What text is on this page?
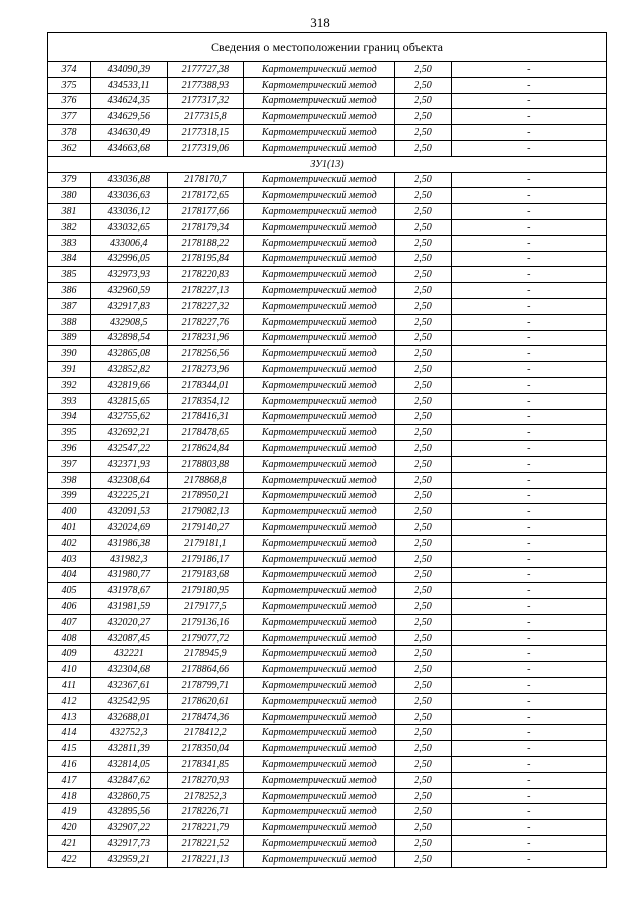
318
Сведения о местоположении границ объекта					
374	434090,39	2177727,38	Картометрический метод	2,50	-
375	434533,11	2177388,93	Картометрический метод	2,50	-
376	434624,35	2177317,32	Картометрический метод	2,50	-
377	434629,56	2177315,8	Картометрический метод	2,50	-
378	434630,49	2177318,15	Картометрический метод	2,50	-
362	434663,68	2177319,06	Картометрический метод	2,50	-
ЗУ1(13)					
379	433036,88	2178170,7	Картометрический метод	2,50	-
380	433036,63	2178172,65	Картометрический метод	2,50	-
381	433036,12	2178177,66	Картометрический метод	2,50	-
382	433032,65	2178179,34	Картометрический метод	2,50	-
383	433006,4	2178188,22	Картометрический метод	2,50	-
384	432996,05	2178195,84	Картометрический метод	2,50	-
385	432973,93	2178220,83	Картометрический метод	2,50	-
386	432960,59	2178227,13	Картометрический метод	2,50	-
387	432917,83	2178227,32	Картометрический метод	2,50	-
388	432908,5	2178227,76	Картометрический метод	2,50	-
389	432898,54	2178231,96	Картометрический метод	2,50	-
390	432865,08	2178256,56	Картометрический метод	2,50	-
391	432852,82	2178273,96	Картометрический метод	2,50	-
392	432819,66	2178344,01	Картометрический метод	2,50	-
393	432815,65	2178354,12	Картометрический метод	2,50	-
394	432755,62	2178416,31	Картометрический метод	2,50	-
395	432692,21	2178478,65	Картометрический метод	2,50	-
396	432547,22	2178624,84	Картометрический метод	2,50	-
397	432371,93	2178803,88	Картометрический метод	2,50	-
398	432308,64	2178868,8	Картометрический метод	2,50	-
399	432225,21	2178950,21	Картометрический метод	2,50	-
400	432091,53	2179082,13	Картометрический метод	2,50	-
401	432024,69	2179140,27	Картометрический метод	2,50	-
402	431986,38	2179181,1	Картометрический метод	2,50	-
403	431982,3	2179186,17	Картометрический метод	2,50	-
404	431980,77	2179183,68	Картометрический метод	2,50	-
405	431978,67	2179180,95	Картометрический метод	2,50	-
406	431981,59	2179177,5	Картометрический метод	2,50	-
407	432020,27	2179136,16	Картометрический метод	2,50	-
408	432087,45	2179077,72	Картометрический метод	2,50	-
409	432221	2178945,9	Картометрический метод	2,50	-
410	432304,68	2178864,66	Картометрический метод	2,50	-
411	432367,61	2178799,71	Картометрический метод	2,50	-
412	432542,95	2178620,61	Картометрический метод	2,50	-
413	432688,01	2178474,36	Картометрический метод	2,50	-
414	432752,3	2178412,2	Картометрический метод	2,50	-
415	432811,39	2178350,04	Картометрический метод	2,50	-
416	432814,05	2178341,85	Картометрический метод	2,50	-
417	432847,62	2178270,93	Картометрический метод	2,50	-
418	432860,75	2178252,3	Картометрический метод	2,50	-
419	432895,56	2178226,71	Картометрический метод	2,50	-
420	432907,22	2178221,79	Картометрический метод	2,50	-
421	432917,73	2178221,52	Картометрический метод	2,50	-
422	432959,21	2178221,13	Картометрический метод	2,50	-
